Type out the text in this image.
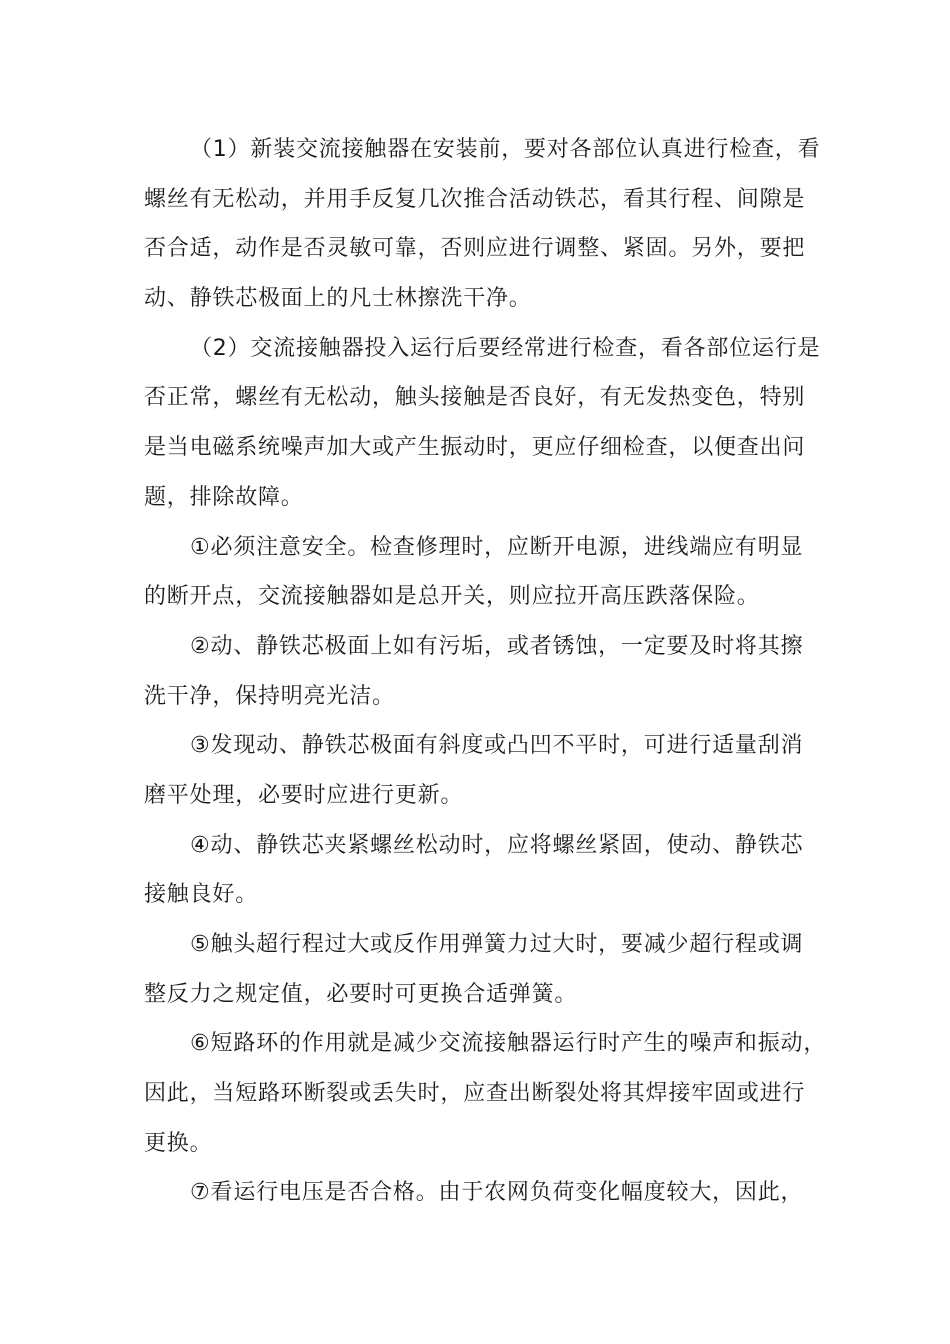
（1）新装交流接触器在安装前，要对各部位认真进行检查，看
螺丝有无松动，并用手反复几次推合活动铁芯，看其行程、间隙是
否合适，动作是否灵敏可靠，否则应进行调整、紧固。另外，要把
动、静铁芯极面上的凡士林擦洗干净。
（2）交流接触器投入运行后要经常进行检查，看各部位运行是
否正常，螺丝有无松动，触头接触是否良好，有无发热变色，特别
是当电磁系统噪声加大或产生振动时，更应仔细检查，以便查出问
题，排除故障。
①必须注意安全。检查修理时，应断开电源，进线端应有明显
的断开点，交流接触器如是总开关，则应拉开高压跌落保险。
②动、静铁芯极面上如有污垢，或者锈蚀，一定要及时将其擦
洗干净，保持明亮光洁。
③发现动、静铁芯极面有斜度或凸凹不平时，可进行适量刮消
磨平处理，必要时应进行更新。
④动、静铁芯夹紧螺丝松动时，应将螺丝紧固，使动、静铁芯
接触良好。
⑤触头超行程过大或反作用弹簧力过大时，要减少超行程或调
整反力之规定值，必要时可更换合适弹簧。
⑥短路环的作用就是减少交流接触器运行时产生的噪声和振动，
因此，当短路环断裂或丢失时，应查出断裂处将其焊接牢固或进行
更换。
⑦看运行电压是否合格。由于农网负荷变化幅度较大，因此，
